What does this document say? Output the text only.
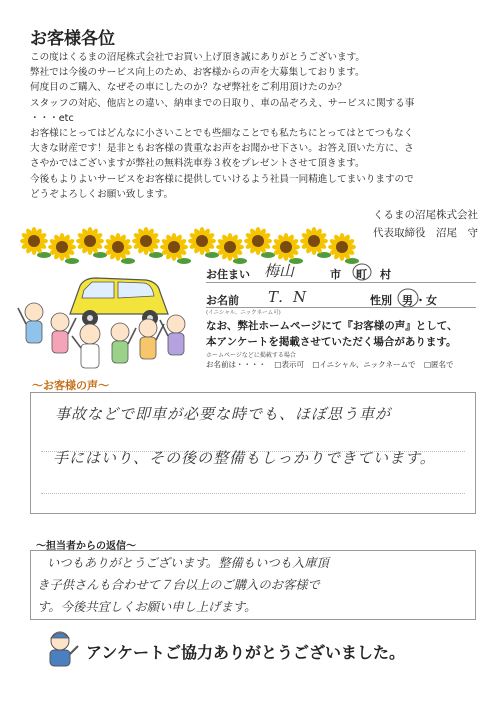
お客様各位

この度はくるまの沼尾株式会社でお買い上げ頂き誠にありがとうございます。

弊社では今後のサービス向上のため、お客様からの声を大募集しております。

何度目のご購入、なぜその車にしたのか？なぜ弊社をご利用頂けたのか？

スタッフの対応、他店との違い、納車までの日取り、車の品ぞろえ、サービスに関する事

・・・etc

お客様にとってはどんなに小さいことでも些細なことでも私たちにとってはとてつもなく

大きな財産です！是非ともお客様の貴重なお声をお聞かせ下さい。お答え頂いた方に、さ

さやかではございますが弊社の無料洗車券３枚をプレゼントさせて頂きます。

今後もよりよいサービスをお客様に提供していけるよう社員一同精進してまいりますので

どうぞよろしくお願い致します。

くるまの沼尾株式会社
代表取締役　沼尾　守
お住まい 梅山	市 町 村
お名前 T．N
(イニシャル、ニックネーム可)
性別 男 ・ 女

なお、弊社ホームページにて『お客様の声』として、

本アンケートを掲載させていただく場合があります。

ホームページなどに掲載する場合
お名前は・・・・ □表示可 □イニシャル、ニックネームで □匿名で
～お客様の声～
事故などで即車が必要な時でも、ほぼ思う車が
手にはいり、その後の整備もしっかりできています。
～担当者からの返信～
いつもありがとうございます。整備もいつも入庫頂
き子供さんも合わせて７台以上のご購入のお客様で
す。今後共宜しくお願い申し上げます。
アンケートご協力ありがとうございました。
